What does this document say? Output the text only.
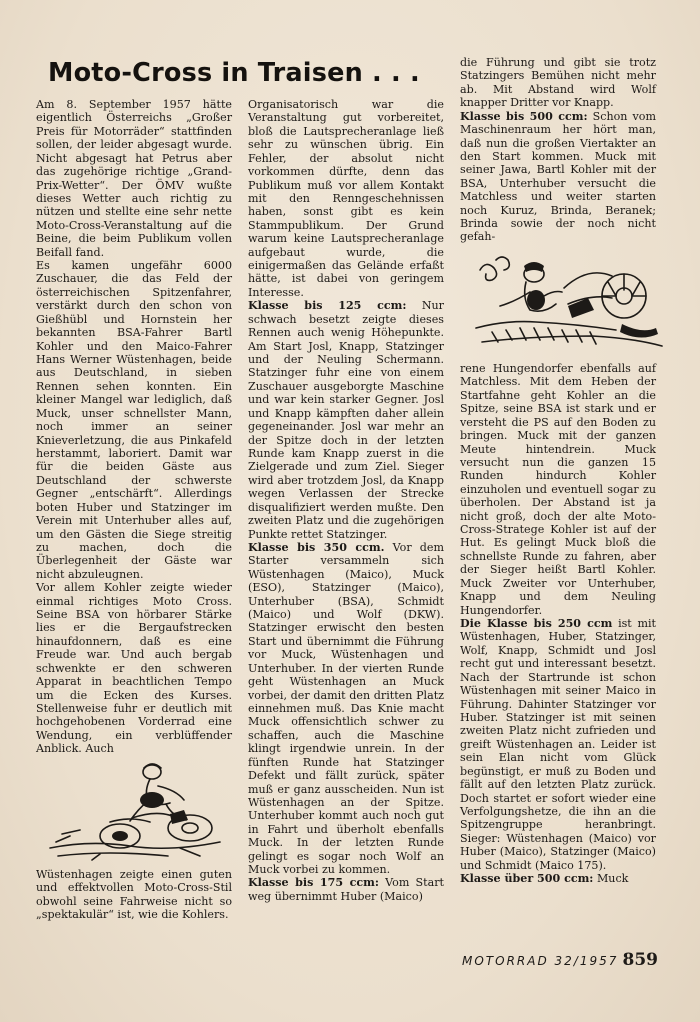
Moto-Cross in Traisen . . .

Am 8. September 1957 hätte eigentlich Österreichs „Großer Preis für Motorräder“ stattfinden sollen, der leider abgesagt wurde. Nicht abgesagt hat Petrus aber das zugehörige richtige „Grand-Prix-Wetter“. Der ÖMV wußte dieses Wetter auch richtig zu nützen und stellte eine sehr nette Moto-Cross-Veranstaltung auf die Beine, die beim Publikum vollen Beifall fand.

Es kamen ungefähr 6000 Zuschauer, die das Feld der österreichischen Spitzenfahrer, verstärkt durch den schon von Gießhübl und Hornstein her bekannten BSA-Fahrer Bartl Kohler und den Maico-Fahrer Hans Werner Wüstenhagen, beide aus Deutschland, in sieben Rennen sehen konnten. Ein kleiner Mangel war lediglich, daß Muck, unser schnellster Mann, noch immer an seiner Knieverletzung, die aus Pinkafeld herstammt, laboriert. Damit war für die beiden Gäste aus Deutschland der schwerste Gegner „entschärft“. Allerdings boten Huber und Statzinger im Verein mit Unterhuber alles auf, um den Gästen die Siege streitig zu machen, doch die Überlegenheit der Gäste war nicht abzuleugnen.

Vor allem Kohler zeigte wieder einmal richtiges Moto Cross. Seine BSA von hörbarer Stärke lies er die Bergaufstrecken hinaufdonnern, daß es eine Freude war. Und auch bergab schwenkte er den schweren Apparat in beachtlichen Tempo um die Ecken des Kurses. Stellenweise fuhr er deutlich mit hochgehobenen Vorderrad eine Wendung, ein verblüffender Anblick. Auch

Wüstenhagen zeigte einen guten und effektvollen Moto-Cross-Stil obwohl seine Fahrweise nicht so „spektakulär“ ist, wie die Kohlers.

Organisatorisch war die Veranstaltung gut vorbereitet, bloß die Lautsprecheranlage ließ sehr zu wünschen übrig. Ein Fehler, der absolut nicht vorkommen dürfte, denn das Publikum muß vor allem Kontakt mit den Renngeschehnissen haben, sonst gibt es kein Stammpublikum. Der Grund warum keine Lautsprecheranlage aufgebaut wurde, die einigermaßen das Gelände erfaßt hätte, ist dabei von geringem Interesse.

Klasse bis 125 ccm: Nur schwach besetzt zeigte dieses Rennen auch wenig Höhepunkte. Am Start Josl, Knapp, Statzinger und der Neuling Schermann. Statzinger fuhr eine von einem Zuschauer ausgeborgte Maschine und war kein starker Gegner. Josl und Knapp kämpften daher allein gegeneinander. Josl war mehr an der Spitze doch in der letzten Runde kam Knapp zuerst in die Zielgerade und zum Ziel. Sieger wird aber trotzdem Josl, da Knapp wegen Verlassen der Strecke disqualifiziert werden mußte. Den zweiten Platz und die zugehörigen Punkte rettet Statzinger.

Klasse bis 350 ccm. Vor dem Starter versammeln sich Wüstenhagen (Maico), Muck (ESO), Statzinger (Maico), Unterhuber (BSA), Schmidt (Maico) und Wolf (DKW). Statzinger erwischt den besten Start und übernimmt die Führung vor Muck, Wüstenhagen und Unterhuber. In der vierten Runde geht Wüstenhagen an Muck vorbei, der damit den dritten Platz einnehmen muß. Das Knie macht Muck offensichtlich schwer zu schaffen, auch die Maschine klingt irgendwie unrein. In der fünften Runde hat Statzinger Defekt und fällt zurück, später muß er ganz ausscheiden. Nun ist Wüstenhagen an der Spitze. Unterhuber kommt auch noch gut in Fahrt und überholt ebenfalls Muck. In der letzten Runde gelingt es sogar noch Wolf an Muck vorbei zu kommen.

Klasse bis 175 ccm: Vom Start weg übernimmt Huber (Maico)

die Führung und gibt sie trotz Statzingers Bemühen nicht mehr ab. Mit Abstand wird Wolf knapper Dritter vor Knapp.

Klasse bis 500 ccm: Schon vom Maschinenraum her hört man, daß nun die großen Viertakter an den Start kommen. Muck mit seiner Jawa, Bartl Kohler mit der BSA, Unterhuber versucht die Matchless und weiter starten noch Kuruz, Brinda, Beranek; Brinda sowie der noch nicht gefah-

rene Hungendorfer ebenfalls auf Matchless. Mit dem Heben der Startfahne geht Kohler an die Spitze, seine BSA ist stark und er versteht die PS auf den Boden zu bringen. Muck mit der ganzen Meute hintendrein. Muck versucht nun die ganzen 15 Runden hindurch Kohler einzuholen und eventuell sogar zu überholen. Der Abstand ist ja nicht groß, doch der alte Moto-Cross-Stratege Kohler ist auf der Hut. Es gelingt Muck bloß die schnellste Runde zu fahren, aber der Sieger heißt Bartl Kohler. Muck Zweiter vor Unterhuber, Knapp und dem Neuling Hungendorfer.

Die Klasse bis 250 ccm ist mit Wüstenhagen, Huber, Statzinger, Wolf, Knapp, Schmidt und Josl recht gut und interessant besetzt. Nach der Startrunde ist schon Wüstenhagen mit seiner Maico in Führung. Dahinter Statzinger vor Huber. Statzinger ist mit seinen zweiten Platz nicht zufrieden und greift Wüstenhagen an. Leider ist sein Elan nicht vom Glück begünstigt, er muß zu Boden und fällt auf den letzten Platz zurück. Doch startet er sofort wieder eine Verfolgungshetze, die ihn an die Spitzengruppe heranbringt. Sieger: Wüstenhagen (Maico) vor Huber (Maico), Statzinger (Maico) und Schmidt (Maico 175).

Klasse über 500 ccm: Muck

MOTORRAD 32/1957 859
